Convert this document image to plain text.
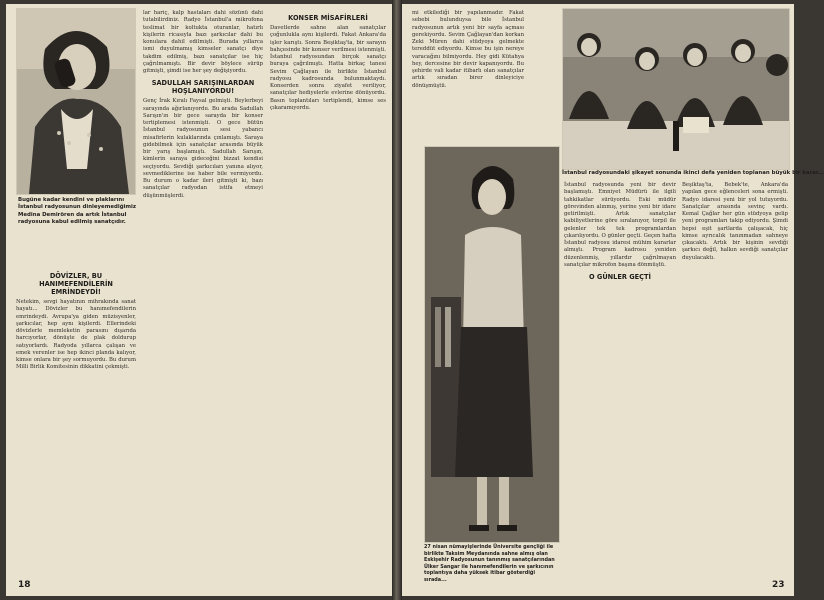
Bugüne kadar kendini ve plaklarını İstanbul radyosunun dinleyemediğimiz Medina Demirören da artık İstanbul radyosuna kabul edilmiş sanatçıdır.
DÖVİZLER, BU HANIMEFENDİLERİN EMRİNDEYDİ!

Netekim, sevgi hayatının mihrakında sanat hayatı... Dövizler bu hanımefendilerin emrindeydi. Avrupa'ya giden müzisyenler, şarkıcılar, hep aynı kişilerdi. Ellerindeki dövizlerle memleketin parasını dışarıda harcıyorlar, dönüşte de plak doldurup satıyorlardı. Radyoda yıllarca çalışan ve emek verenler ise hep ikinci planda kalıyor, kimse onlara bir şey sormuyordu. Bu durum Milli Birlik Komitesinin dikkatini çekmişti.

lar hariç, kalp hastaları dahi sözünü dahi tutabilirdiniz. Radyo İstanbul'a mikrofona teslimat bir koltukta oturanlar, hatırlı kişilerin ricasıyla bazı şarkıcılar dahi bu konulara dahil edilmişti. Burada yıllarca ismi duyulmamış kimseler sanatçı diye takdim edilmiş, bazı sanatçılar ise hiç çağrılmamıştı. Bir devir böylece sürüp gitmişti, şimdi ise her şey değişiyordu.

SADULLAH SARIŞINLARDAN HOŞLANIYORDU!

Genç İrak Kıralı Faysal gelmişti. Beylerbeyi sarayında ağırlanıyordu. Bu arada Sadullah Sarışın'ın bir gece sarayda bir konser tertiplemesi istenmişti. O gece bütün İstanbul radyosunun sesi yabancı misafirlerin kulaklarında çınlamıştı. Saraya gidebilmek için sanatçılar arasında büyük bir yarış başlamıştı. Sadullah Sarışın, kimlerin saraya gideceğini bizzat kendisi seçiyordu. Sevdiği şarkıcıları yanına alıyor, sevmediklerine ise haber bile vermiyordu. Bu durum o kadar ileri gitmişti ki, bazı sanatçılar radyodan istifa etmeyi düşünmüşlerdi.

KONSER MİSAFİRLERİ

Davetlerde sahne alan sanatçılar çoğunlukla aynı kişilerdi. Fakat Ankara'da işler karıştı. Sonra Beşiktaş'ta, bir sarayın bahçesinde bir konser verilmesi istenmişti. İstanbul radyosundan birçok sanatçı buraya çağrılmıştı. Hatta birkaç tanesi Sevim Çağlayan ile birlikte İstanbul radyosu kadrosunda bulunmaktaydı. Konserden sonra ziyafet veriliyor, sanatçılar hediyelerle evlerine dönüyordu. Basın toplantıları tertiplendi, kimse ses çıkaramıyordu.

18

mi etkilediği bir yapılanmadır. Fakat sebebi bulunduysa bile İstanbul radyosunun artık yeni bir sayfa açması gerekiyordu. Sevim Çağlayan'dan korkan Zeki Müren dahi stüdyoya gelmekte tereddüt ediyordu. Kimse bu işin nereye varacağını bilmiyordu. Hey gidi Kütahya hey, dercesine bir devir kapanıyordu. Bu şehirde vali kadar itibarlı olan sanatçılar artık sıradan birer dinleyiciye dönüşmüştü.

İstanbul radyosundaki şikayet sonunda ikinci defa yeniden toplanan büyük bir karar...
27 nisan nümayişlerinde Üniversite gençliği ile birlikte Taksim Meydanında sahne almış olan Eskişehir Radyosunun tanınmış sanatçılarından Ülker Sangar ile hanımefendilerin ve şarkıcının toplantıya daha yüksek itibar gösterdiği sırada...

İstanbul radyosunda yeni bir devir başlamıştı. Emniyet Müdürü ile ilgili tahkikatlar sürüyordu. Eski müdür görevinden alınmış, yerine yeni bir idare getirilmişti. Artık sanatçılar kabiliyetlerine göre sıralanıyor, torpil ile gelenler tek tek programlardan çıkarılıyordu. O günler geçti. Geçen hafta İstanbul radyosu idaresi mühim kararlar almıştı. Program kadrosu yeniden düzenlenmiş, yıllardır çağrılmayan sanatçılar mikrofon başına dönmüştü.

O GÜNLER GEÇTİ

Beşiktaş'ta, Bebek'te, Ankara'da yapılan gece eğlenceleri sona ermişti. Radyo idaresi yeni bir yol tutuyordu. Sanatçılar arasında sevinç vardı. Kemal Çağlar her gün stüdyoya gelip yeni programları takip ediyordu. Şimdi hepsi eşit şartlarda çalışacak, hiç kimse ayrıcalık tanınmadan sahneye çıkacaktı. Artık bir kişinin sevdiği şarkıcı değil, halkın sevdiği sanatçılar duyulacaktı.

23
